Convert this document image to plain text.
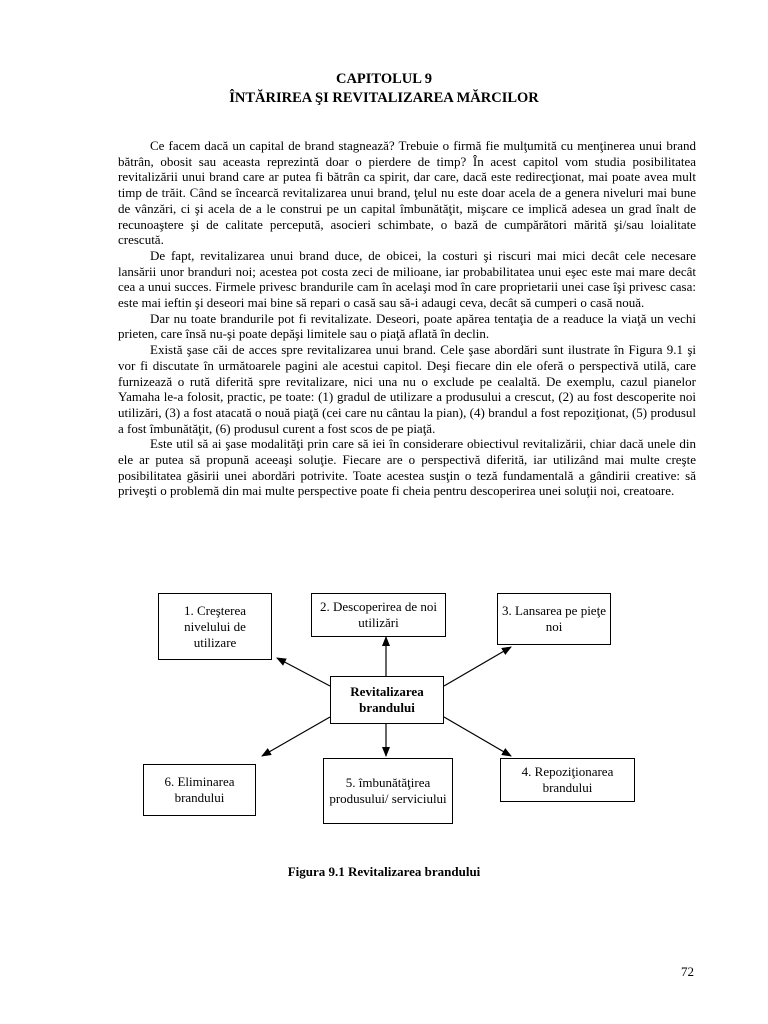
CAPITOLUL 9
ÎNTĂRIREA ŞI REVITALIZAREA MĂRCILOR

Ce facem dacă un capital de brand stagnează? Trebuie o firmă fie mulţumită cu menţinerea unui brand bătrân, obosit sau aceasta reprezintă doar o pierdere de timp? În acest capitol vom studia posibilitatea revitalizării unui brand care ar putea fi bătrân ca spirit, dar care, dacă este redirecţionat, mai poate avea mult timp de trăit. Când se încearcă revitalizarea unui brand, ţelul nu este doar acela de a genera niveluri mai bune de vânzări, ci şi acela de a le construi pe un capital îmbunătăţit, mişcare ce implică adesea un grad înalt de recunoaştere şi de calitate percepută, asocieri schimbate, o bază de cumpărători mărită şi/sau loialitate crescută.

De fapt, revitalizarea unui brand duce, de obicei, la costuri şi riscuri mai mici decât cele necesare lansării unor branduri noi; acestea pot costa zeci de milioane, iar probabilitatea unui eşec este mai mare decât cea a unui succes. Firmele privesc brandurile cam în acelaşi mod în care proprietarii unei case îşi privesc casa: este mai ieftin şi deseori mai bine să repari o casă sau să-i adaugi ceva, decât să cumperi o casă nouă.

Dar nu toate brandurile pot fi revitalizate. Deseori, poate apărea tentaţia de a readuce la viaţă un vechi prieten, care însă nu-şi poate depăşi limitele sau o piaţă aflată în declin.

Există şase căi de acces spre revitalizarea unui brand. Cele şase abordări sunt ilustrate în Figura 9.1 şi vor fi discutate în următoarele pagini ale acestui capitol. Deşi fiecare din ele oferă o perspectivă utilă, care furnizează o rută diferită spre revitalizare, nici una nu o exclude pe cealaltă. De exemplu, cazul pianelor Yamaha le-a folosit, practic, pe toate: (1) gradul de utilizare a produsului a crescut, (2) au fost descoperite noi utilizări, (3) a fost atacată o nouă piaţă (cei care nu cântau la pian), (4) brandul a fost repoziţionat, (5) produsul a fost îmbunătăţit, (6) produsul curent a fost scos de pe piaţă.

Este util să ai şase modalităţi prin care să iei în considerare obiectivul revitalizării, chiar dacă unele din ele ar putea să propună aceeaşi soluţie. Fiecare are o perspectivă diferită, iar utilizând mai multe creşte posibilitatea găsirii unei abordări potrivite. Toate acestea susţin o teză fundamentală a gândirii creative: să priveşti o problemă din mai multe perspective poate fi cheia pentru descoperirea unei soluţii noi, creatoare.

1. Creşterea nivelului de utilizare
2. Descoperirea de noi utilizări
3. Lansarea pe pieţe noi
Revitalizarea brandului
6. Eliminarea brandului
5. îmbunătăţirea produsului/ serviciului
4. Repoziţionarea brandului
Figura 9.1 Revitalizarea brandului
72
